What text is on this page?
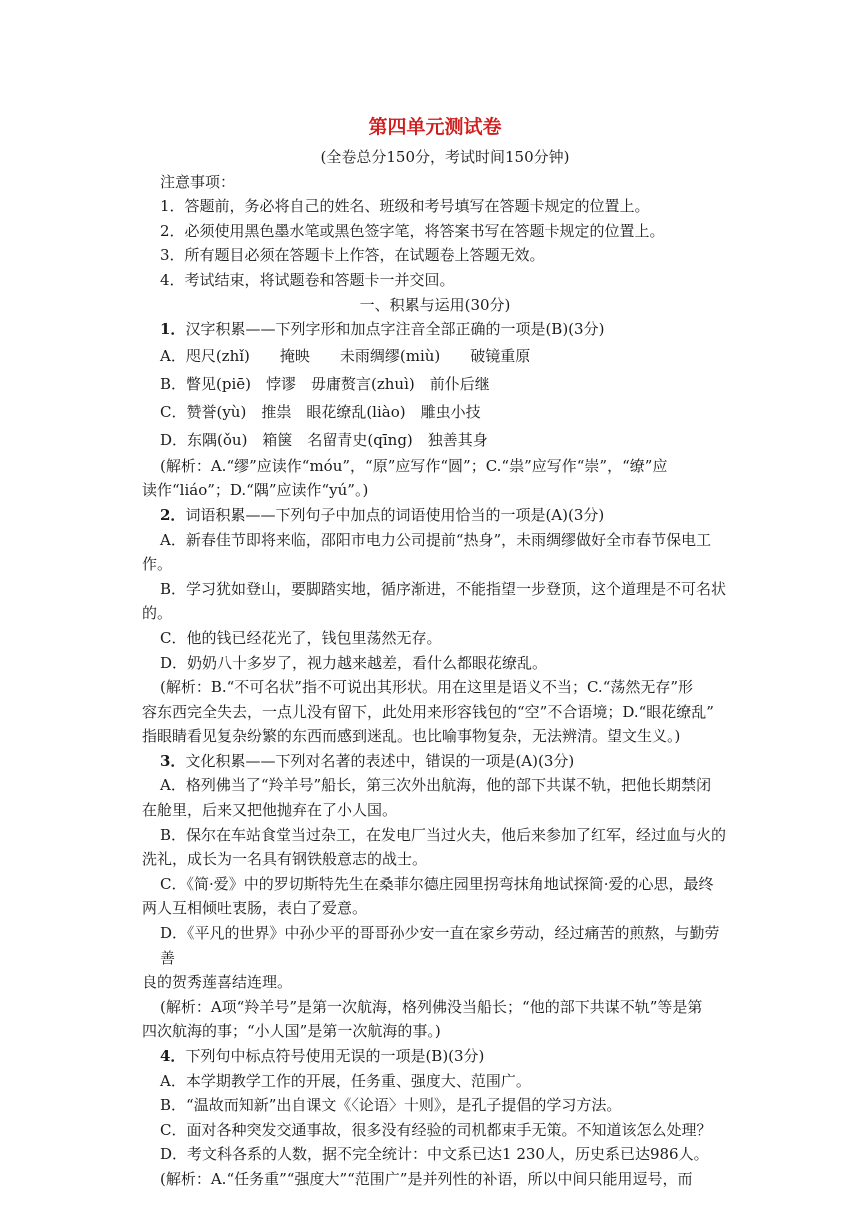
第四单元测试卷
(全卷总分150分，考试时间150分钟)
注意事项：
1．答题前，务必将自己的姓名、班级和考号填写在答题卡规定的位置上。
2．必须使用黑色墨水笔或黑色签字笔，将答案书写在答题卡规定的位置上。
3．所有题目必须在答题卡上作答，在试题卷上答题无效。
4．考试结束，将试题卷和答题卡一并交回。
一、积累与运用(30分)
1．汉字积累——下列字形和加点字注音全部正确的一项是(B)(3分)
A．咫尺(zhǐ)　　掩映　　未雨绸缪(miù)　　破镜重原
B．瞥见(piē)　悖谬　毋庸赘言(zhuì)　前仆后继
C．赞誉(yù)　推祟　眼花缭乱(liào)　雕虫小技
D．东隅(ǒu)　箱箧　名留青史(qīng)　独善其身
(解析：A.“缪”应读作“móu”，“原”应写作“圆”；C.“祟”应写作“崇”，“缭”应
读作“liáo”；D.“隅”应读作“yú”。)
2．词语积累——下列句子中加点的词语使用恰当的一项是(A)(3分)
A．新春佳节即将来临，邵阳市电力公司提前“热身”，未雨绸缪做好全市春节保电工
作。
B．学习犹如登山，要脚踏实地，循序渐进，不能指望一步登顶，这个道理是不可名状
的。
C．他的钱已经花光了，钱包里荡然无存。
D．奶奶八十多岁了，视力越来越差，看什么都眼花缭乱。
(解析：B.“不可名状”指不可说出其形状。用在这里是语义不当；C.“荡然无存”形
容东西完全失去，一点儿没有留下，此处用来形容钱包的“空”不合语境；D.“眼花缭乱”
指眼睛看见复杂纷繁的东西而感到迷乱。也比喻事物复杂，无法辨清。望文生义。)
3．文化积累——下列对名著的表述中，错误的一项是(A)(3分)
A．格列佛当了“羚羊号”船长，第三次外出航海，他的部下共谋不轨，把他长期禁闭
在舱里，后来又把他抛弃在了小人国。
B．保尔在车站食堂当过杂工，在发电厂当过火夫，他后来参加了红军，经过血与火的
洗礼，成长为一名具有钢铁般意志的战士。
C．《简·爱》中的罗切斯特先生在桑菲尔德庄园里拐弯抹角地试探简·爱的心思，最终
两人互相倾吐衷肠，表白了爱意。
D．《平凡的世界》中孙少平的哥哥孙少安一直在家乡劳动，经过痛苦的煎熬，与勤劳善
良的贺秀莲喜结连理。
(解析：A项“羚羊号”是第一次航海，格列佛没当船长；“他的部下共谋不轨”等是第
四次航海的事；“小人国”是第一次航海的事。)
4．下列句中标点符号使用无误的一项是(B)(3分)
A．本学期教学工作的开展，任务重、强度大、范围广。
B．“温故而知新”出自课文《〈论语〉十则》，是孔子提倡的学习方法。
C．面对各种突发交通事故，很多没有经验的司机都束手无策。不知道该怎么处理？
D．考文科各系的人数，据不完全统计：中文系已达1 230人，历史系已达986人。
(解析：A.“任务重”“强度大”“范围广”是并列性的补语，所以中间只能用逗号，而
